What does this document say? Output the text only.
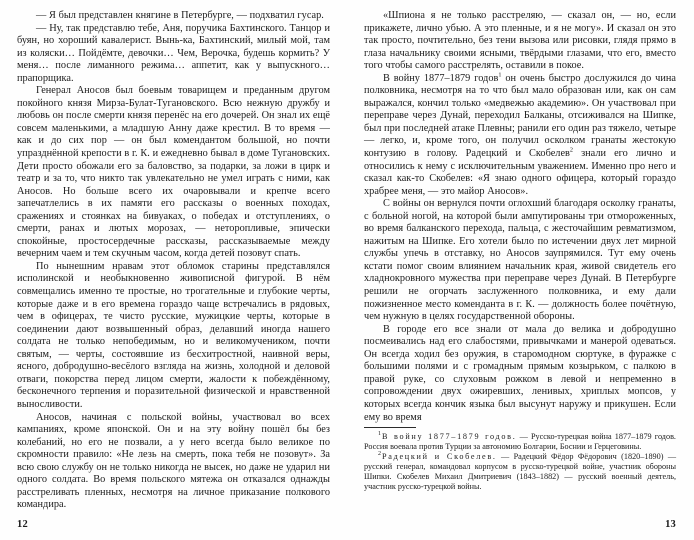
— Я был представлен княгине в Петербурге, — подхватил гусар.

— Ну, так представлю тебе, Аня, поручика Бахтинского. Танцор и буян, но хороший кавалерист. Вынь-ка, Бахтинский, милый мой, там из коляски… Пойдёмте, девочки… Чем, Верочка, будешь кормить? У меня… после лиманного режима… аппетит, как у выпускного… прапорщика.

Генерал Аносов был боевым товарищем и преданным другом покойного князя Мирза-Булат-Тугановского. Всю нежную дружбу и любовь он после смерти князя перенёс на его дочерей. Он знал их ещё совсем маленькими, а младшую Анну даже крестил. В то время — как и до сих пор — он был комендантом большой, но почти упразднённой крепости в г. К. и ежедневно бывал в доме Тугановских. Дети просто обожали его за баловство, за подарки, за ложи в цирк и театр и за то, что никто так увлекательно не умел играть с ними, как Аносов. Но больше всего их очаровывали и крепче всего запечатлелись в их памяти его рассказы о военных походах, сражениях и стоянках на бивуаках, о победах и отступлениях, о смерти, ранах и лютых морозах, — неторопливые, эпически спокойные, простосердечные рассказы, рассказываемые между вечерним чаем и тем скучным часом, когда детей позовут спать.

По нынешним нравам этот обломок старины представлялся исполинской и необыкновенно живописной фигурой. В нём совмещались именно те простые, но трогательные и глубокие черты, которые даже и в его времена гораздо чаще встречались в рядовых, чем в офицерах, те чисто русские, мужицкие черты, которые в соединении дают возвышенный образ, делавший иногда нашего солдата не только непобедимым, но и великомучеником, почти святым, — черты, состоявшие из бесхитростной, наивной веры, ясного, добродушно-весёлого взгляда на жизнь, холодной и деловой отваги, покорства перед лицом смерти, жалости к побеждённому, бесконечного терпения и поразительной физической и нравственной выносливости.

Аносов, начиная с польской войны, участвовал во всех кампаниях, кроме японской. Он и на эту войну пошёл бы без колебаний, но его не позвали, а у него всегда было великое по скромности правило: «Не лезь на смерть, пока тебя не позовут». За всю свою службу он не только никогда не высек, но даже не ударил ни одного солдата. Во время польского мятежа он отказался однажды расстреливать пленных, несмотря на личное приказание полкового командира.

12

«Шпиона я не только расстреляю, — сказал он, — но, если прикажете, лично убью. А это пленные, и я не могу». И сказал он это так просто, почтительно, без тени вызова или рисовки, глядя прямо в глаза начальнику своими ясными, твёрдыми глазами, что его, вместо того чтобы самого расстрелять, оставили в покое.

В войну 1877–1879 годов$^1$ он очень быстро дослужился до чина полковника, несмотря на то что был мало образован или, как он сам выражался, кончил только «медвежью академию». Он участвовал при переправе через Дунай, переходил Балканы, отсиживался на Шипке, был при последней атаке Плевны; ранили его один раз тяжело, четыре — легко, и, кроме того, он получил осколком гранаты жестокую контузию в голову. Радецкий и Скобелев$^2$ знали его лично и относились к нему с исключительным уважением. Именно про него и сказал как-то Скобелев: «Я знаю одного офицера, который гораздо храбрее меня, — это майор Аносов».

С войны он вернулся почти оглохший благодаря осколку гранаты, с больной ногой, на которой были ампутированы три отмороженных, во время балканского перехода, пальца, с жесточайшим ревматизмом, нажитым на Шипке. Его хотели было по истечении двух лет мирной службы упечь в отставку, но Аносов заупрямился. Тут ему очень кстати помог своим влиянием начальник края, живой свидетель его хладнокровного мужества при переправе через Дунай. В Петербурге решили не огорчать заслуженного полковника, и ему дали пожизненное место коменданта в г. К. — должность более почётную, чем нужную в целях государственной обороны.

В городе его все знали от мала до велика и добродушно посмеивались над его слабостями, привычками и манерой одеваться. Он всегда ходил без оружия, в старомодном сюртуке, в фуражке с большими полями и с громадным прямым козырьком, с палкою в правой руке, со слуховым рожком в левой и непременно в сопровождении двух ожиревших, ленивых, хриплых мопсов, у которых всегда кончик языка был высунут наружу и прикушен. Если ему во время

$^1$В войну 1877–1879 годов. — Русско-турецкая война 1877–1879 годов. Россия воевала против Турции за автономию Болгарии, Боснии и Герцеговины.

$^2$Радецкий и Скобелев. — Радецкий Фёдор Фёдорович (1820–1890) — русский генерал, командовал корпусом в русско-турецкой войне, участник обороны Шипки. Скобелев Михаил Дмитриевич (1843–1882) — русский военный деятель, участник русско-турецкой войны.

13
